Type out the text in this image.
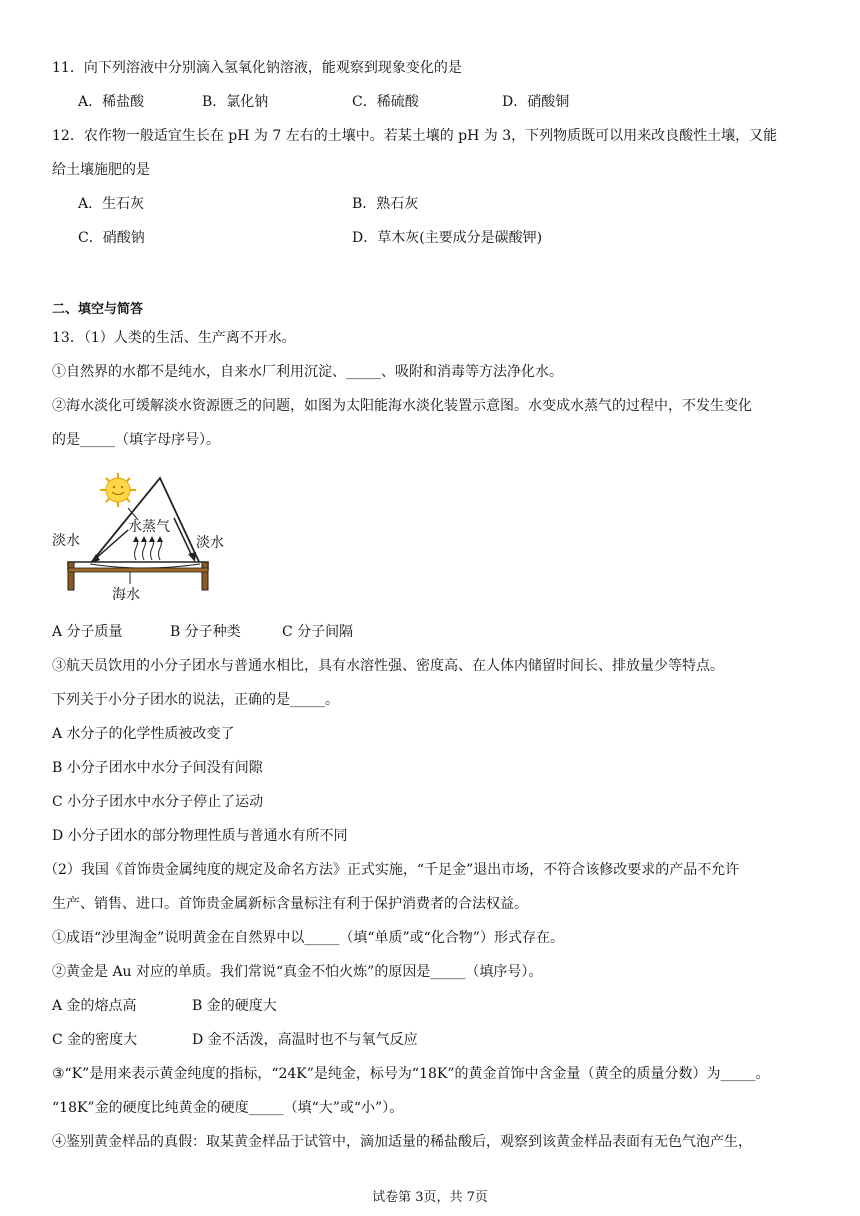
11．向下列溶液中分别滴入氢氧化钠溶液，能观察到现象变化的是
A．稀盐酸	B．氯化钠	C．稀硫酸	D．硝酸铜
12．农作物一般适宜生长在 pH 为 7 左右的土壤中。若某土壤的 pH 为 3，下列物质既可以用来改良酸性土壤，又能
给土壤施肥的是
A．生石灰	B．熟石灰
C．硝酸钠	D．草木灰(主要成分是碳酸钾)
二、填空与简答
13．（1）人类的生活、生产离不开水。
①自然界的水都不是纯水，自来水厂利用沉淀、_____、吸附和消毒等方法净化水。
②海水淡化可缓解淡水资源匮乏的问题，如图为太阳能海水淡化装置示意图。水变成水蒸气的过程中，不发生变化
的是_____（填字母序号）。
水蒸气
淡水	淡水
海水
A 分子质量	B 分子种类	C 分子间隔
③航天员饮用的小分子团水与普通水相比，具有水溶性强、密度高、在人体内储留时间长、排放量少等特点。
下列关于小分子团水的说法，正确的是_____。
A 水分子的化学性质被改变了
B 小分子团水中水分子间没有间隙
C 小分子团水中水分子停止了运动
D 小分子团水的部分物理性质与普通水有所不同
（2）我国《首饰贵金属纯度的规定及命名方法》正式实施，“千足金”退出市场，不符合该修改要求的产品不允许
生产、销售、进口。首饰贵金属新标含量标注有利于保护消费者的合法权益。
①成语“沙里淘金”说明黄金在自然界中以_____（填“单质”或“化合物”）形式存在。
②黄金是 Au 对应的单质。我们常说“真金不怕火炼”的原因是_____（填序号）。
A 金的熔点高	B 金的硬度大
C 金的密度大	D 金不活泼，高温时也不与氧气反应
③“K”是用来表示黄金纯度的指标，“24K”是纯金，标号为“18K”的黄金首饰中含金量（黄全的质量分数）为_____。
“18K”金的硬度比纯黄金的硬度_____（填“大”或“小”）。
④鉴别黄金样品的真假：取某黄金样品于试管中，滴加适量的稀盐酸后，观察到该黄金样品表面有无色气泡产生，
试卷第 3页，共 7页
